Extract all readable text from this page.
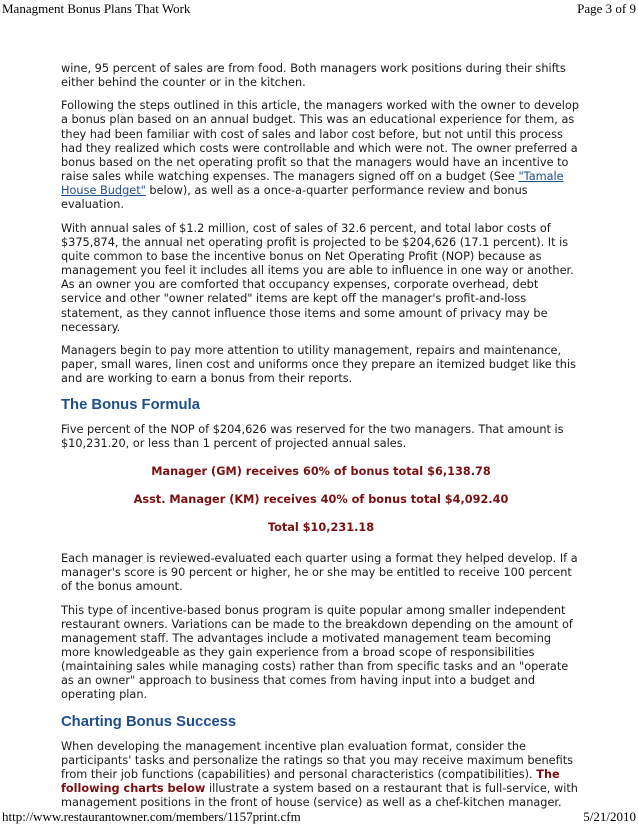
Managment Bonus Plans That Work	Page 3 of 9

wine, 95 percent of sales are from food. Both managers work positions during their shifts either behind the counter or in the kitchen.

Following the steps outlined in this article, the managers worked with the owner to develop a bonus plan based on an annual budget. This was an educational experience for them, as they had been familiar with cost of sales and labor cost before, but not until this process had they realized which costs were controllable and which were not. The owner preferred a bonus based on the net operating profit so that the managers would have an incentive to raise sales while watching expenses. The managers signed off on a budget (See "Tamale House Budget" below), as well as a once-a-quarter performance review and bonus evaluation.

With annual sales of $1.2 million, cost of sales of 32.6 percent, and total labor costs of $375,874, the annual net operating profit is projected to be $204,626 (17.1 percent). It is quite common to base the incentive bonus on Net Operating Profit (NOP) because as management you feel it includes all items you are able to influence in one way or another. As an owner you are comforted that occupancy expenses, corporate overhead, debt service and other "owner related" items are kept off the manager's profit-and-loss statement, as they cannot influence those items and some amount of privacy may be necessary.

Managers begin to pay more attention to utility management, repairs and maintenance, paper, small wares, linen cost and uniforms once they prepare an itemized budget like this and are working to earn a bonus from their reports.

The Bonus Formula

Five percent of the NOP of $204,626 was reserved for the two managers. That amount is $10,231.20, or less than 1 percent of projected annual sales.

Manager (GM) receives 60% of bonus total $6,138.78
Asst. Manager (KM) receives 40% of bonus total $4,092.40
Total $10,231.18

Each manager is reviewed-evaluated each quarter using a format they helped develop. If a manager's score is 90 percent or higher, he or she may be entitled to receive 100 percent of the bonus amount.

This type of incentive-based bonus program is quite popular among smaller independent restaurant owners. Variations can be made to the breakdown depending on the amount of management staff. The advantages include a motivated management team becoming more knowledgeable as they gain experience from a broad scope of responsibilities (maintaining sales while managing costs) rather than from specific tasks and an "operate as an owner" approach to business that comes from having input into a budget and operating plan.

Charting Bonus Success

When developing the management incentive plan evaluation format, consider the participants' tasks and personalize the ratings so that you may receive maximum benefits from their job functions (capabilities) and personal characteristics (compatibilities). The following charts below illustrate a system based on a restaurant that is full-service, with management positions in the front of house (service) as well as a chef-kitchen manager.

http://www.restaurantowner.com/members/1157print.cfm	5/21/2010
